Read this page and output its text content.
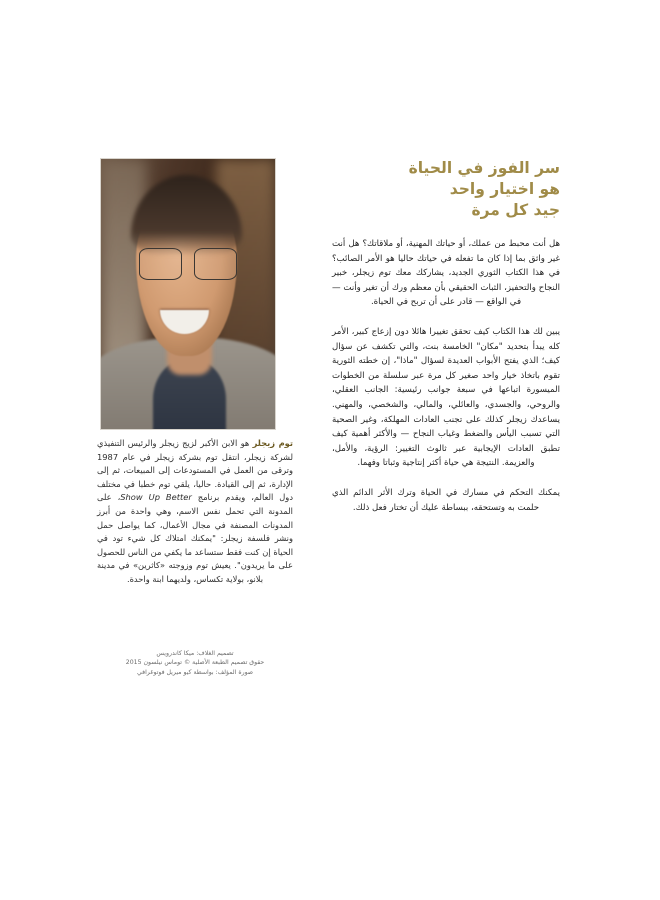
توم زيجلر هو الابن الأكبر لزيج زيجلر والرئيس التنفيذي لشركة زيجلر، انتقل توم بشركة زيجلر في عام 1987 وترقى من العمل في المستودعات إلى المبيعات، ثم إلى الإدارة، ثم إلى القيادة. حاليا، يلقي توم خطبا في مختلف دول العالم، ويقدم برنامج Show Up Better، على المدونة التي تحمل نفس الاسم، وهي واحدة من أبرز المدونات المصنفة في مجال الأعمال، كما يواصل حمل ونشر فلسفة زيجلر: "يمكنك امتلاك كل شيء تود في الحياة إن كنت فقط ستساعد ما يكفي من الناس للحصول على ما يريدون". يعيش توم وزوجته «كاثرين» في مدينة بلانو، بولاية تكساس، ولديهما ابنة واحدة.

تصميم الغلاف: ميكا كاندرويس
حقوق تصميم الطبعة الأصلية © توماس نيلسون 2015
صورة المؤلف: بواسطة كيو ميريل فوتوغرافي
سر الفوز في الحياة
هو اختيار واحد
جيد كل مرة

هل أنت محبط من عملك، أو حياتك المهنية، أو ملاقاتك؟ هل أنت غير واثق بما إذا كان ما تفعله في حياتك حاليا هو الأمر الصائب؟ في هذا الكتاب الثوري الجديد، يشاركك معك توم زيجلر، خبير النجاح والتحفيز، الثبات الحقيقي بأن معظم ورك أن تغير وأنت — في الواقع — قادر على أن تربح في الحياة.

يبين لك هذا الكتاب كيف تحقق تغييرا هائلا دون إزعاج كبير، الأمر كله يبدأ بتحديد "مكان" الخامسة بنت، والتي تكشف عن سؤال كيف؛ الذي يفتح الأبواب العديدة لسؤال "ماذا"، إن خطته الثورية تقوم باتخاذ خيار واحد صغير كل مرة عبر سلسلة من الخطوات الميسورة اتباعها في سبعة جوانب رئيسية: الجانب العقلي، والروحي، والجسدي، والعائلي، والمالي، والشخصي، والمهني. يساعدك زيجلر كذلك على تجنب العادات المهلكة، وغير الصحية التي تسبب اليأس والضغط وغياب النجاح — والأكثر أهمية كيف تطبق العادات الإيجابية عبر ثالوث التغيير: الرؤية، والأمل، والعزيمة. النتيجة هي حياة أكثر إنتاجية وثباتا وفهما.

يمكنك التحكم في مسارك في الحياة وترك الأثر الدائم الذي حلمت به وتستحقه، ببساطة عليك أن تختار فعل ذلك.
